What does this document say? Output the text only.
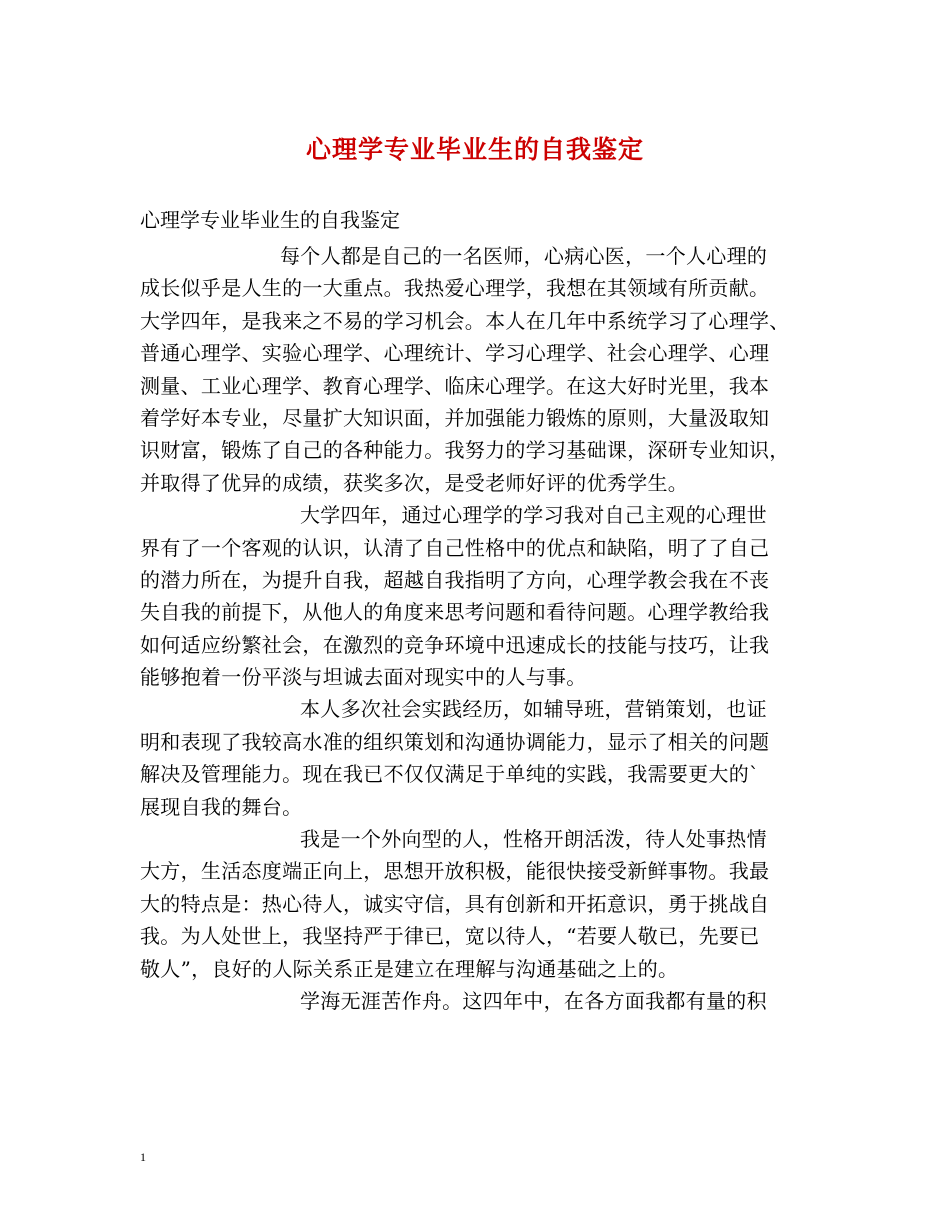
心理学专业毕业生的自我鉴定
心理学专业毕业生的自我鉴定
每个人都是自己的一名医师，心病心医，一个人心理的
成长似乎是人生的一大重点。我热爱心理学，我想在其领域有所贡献。
大学四年，是我来之不易的学习机会。本人在几年中系统学习了心理学、
普通心理学、实验心理学、心理统计、学习心理学、社会心理学、心理
测量、工业心理学、教育心理学、临床心理学。在这大好时光里，我本
着学好本专业，尽量扩大知识面，并加强能力锻炼的原则，大量汲取知
识财富，锻炼了自己的各种能力。我努力的学习基础课，深研专业知识，
并取得了优异的成绩，获奖多次，是受老师好评的优秀学生。
大学四年，通过心理学的学习我对自己主观的心理世
界有了一个客观的认识，认清了自己性格中的优点和缺陷，明了了自己
的潜力所在，为提升自我，超越自我指明了方向，心理学教会我在不丧
失自我的前提下，从他人的角度来思考问题和看待问题。心理学教给我
如何适应纷繁社会，在激烈的竞争环境中迅速成长的技能与技巧，让我
能够抱着一份平淡与坦诚去面对现实中的人与事。
本人多次社会实践经历，如辅导班，营销策划，也证
明和表现了我较高水准的组织策划和沟通协调能力，显示了相关的问题
解决及管理能力。现在我已不仅仅满足于单纯的实践，我需要更大的`
展现自我的舞台。
我是一个外向型的人，性格开朗活泼，待人处事热情
大方，生活态度端正向上，思想开放积极，能很快接受新鲜事物。我最
大的特点是：热心待人，诚实守信，具有创新和开拓意识，勇于挑战自
我。为人处世上，我坚持严于律已，宽以待人，“若要人敬已，先要已
敬人”，良好的人际关系正是建立在理解与沟通基础之上的。
学海无涯苦作舟。这四年中，在各方面我都有量的积
1
